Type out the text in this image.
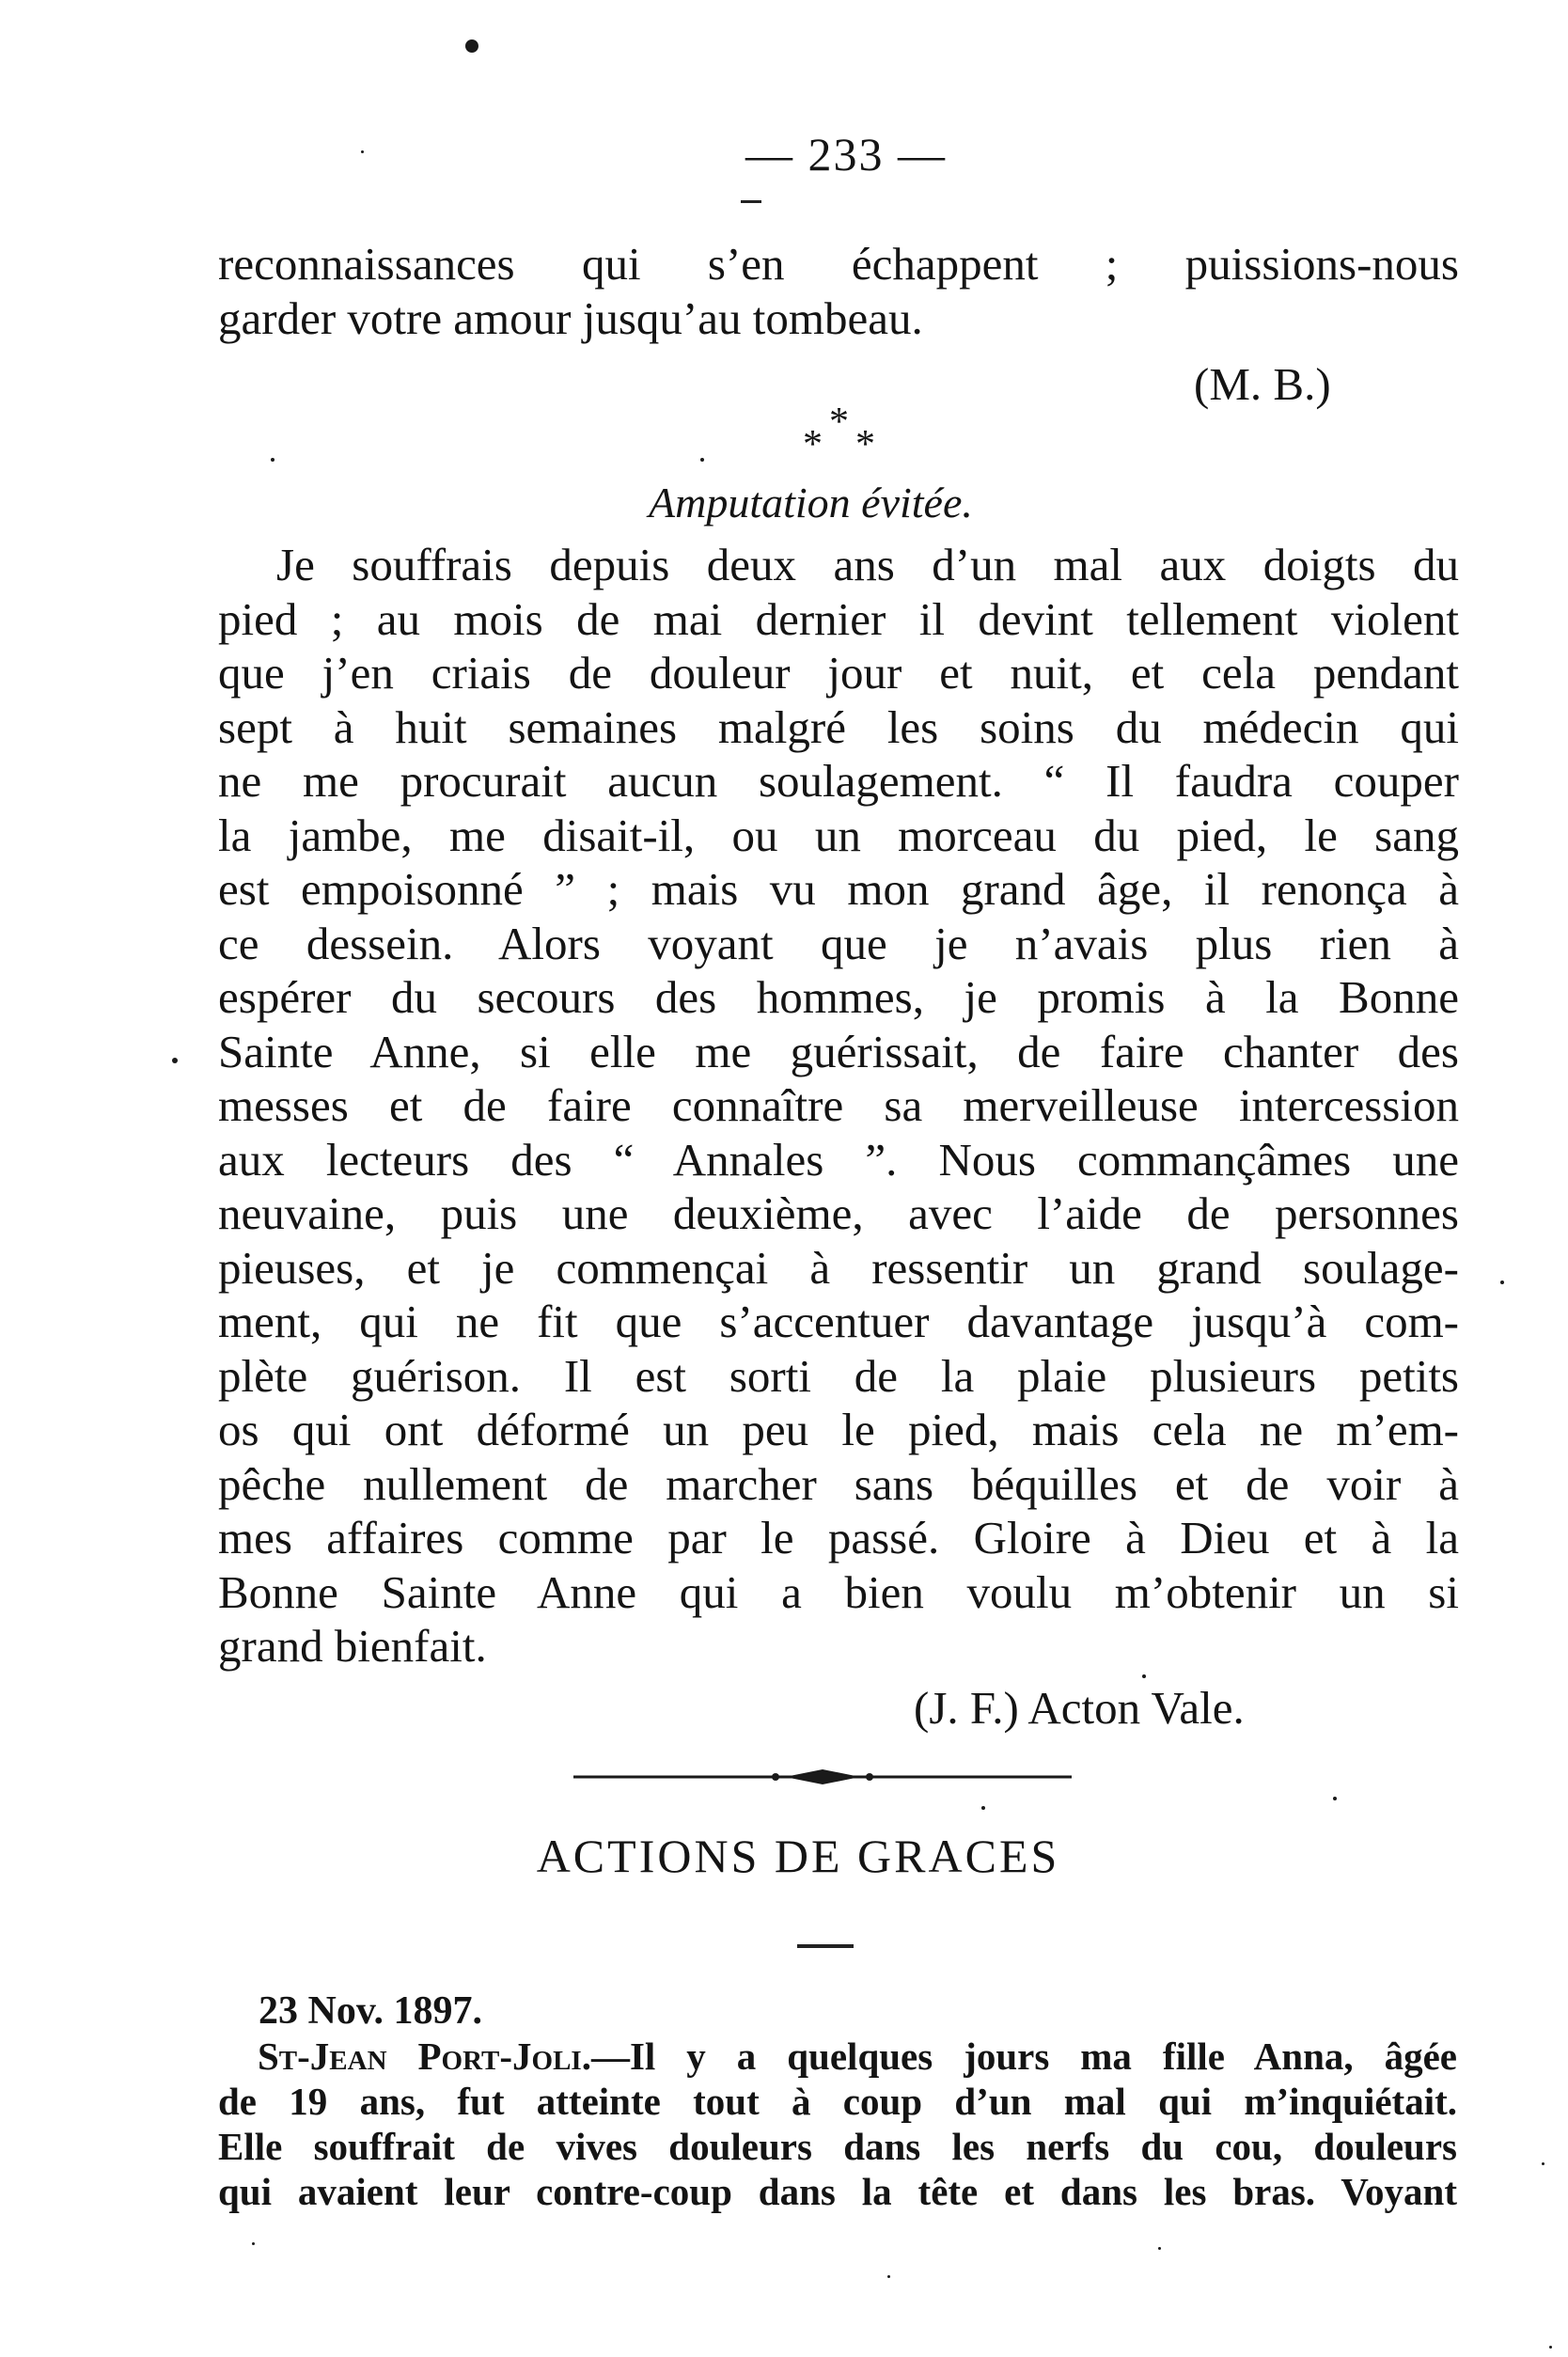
— 233 —
reconnaissances qui s’en échappent ; puissions-nous
garder votre amour jusqu’au tombeau.
(M. B.)
*
* *
Amputation évitée.
Je souffrais depuis deux ans d’un mal aux doigts du
pied ; au mois de mai dernier il devint tellement violent
que j’en criais de douleur jour et nuit, et cela pendant
sept à huit semaines malgré les soins du médecin qui
ne me procurait aucun soulagement. “ Il faudra couper
la jambe, me disait-il, ou un morceau du pied, le sang
est empoisonné ” ; mais vu mon grand âge, il renonça à
ce dessein. Alors voyant que je n’avais plus rien à
espérer du secours des hommes, je promis à la Bonne
Sainte Anne, si elle me guérissait, de faire chanter des
messes et de faire connaître sa merveilleuse intercession
aux lecteurs des “ Annales ”. Nous commançâmes une
neuvaine, puis une deuxième, avec l’aide de personnes
pieuses, et je commençai à ressentir un grand soulage-
ment, qui ne fit que s’accentuer davantage jusqu’à com-
plète guérison. Il est sorti de la plaie plusieurs petits
os qui ont déformé un peu le pied, mais cela ne m’em-
pêche nullement de marcher sans béquilles et de voir à
mes affaires comme par le passé. Gloire à Dieu et à la
Bonne Sainte Anne qui a bien voulu m’obtenir un si
grand bienfait.
(J. F.) Acton Vale.
ACTIONS DE GRACES
23 Nov. 1897.
St-Jean Port-Joli.—Il y a quelques jours ma fille Anna, âgée
de 19 ans, fut atteinte tout à coup d’un mal qui m’inquiétait.
Elle souffrait de vives douleurs dans les nerfs du cou, douleurs
qui avaient leur contre-coup dans la tête et dans les bras. Voyant
